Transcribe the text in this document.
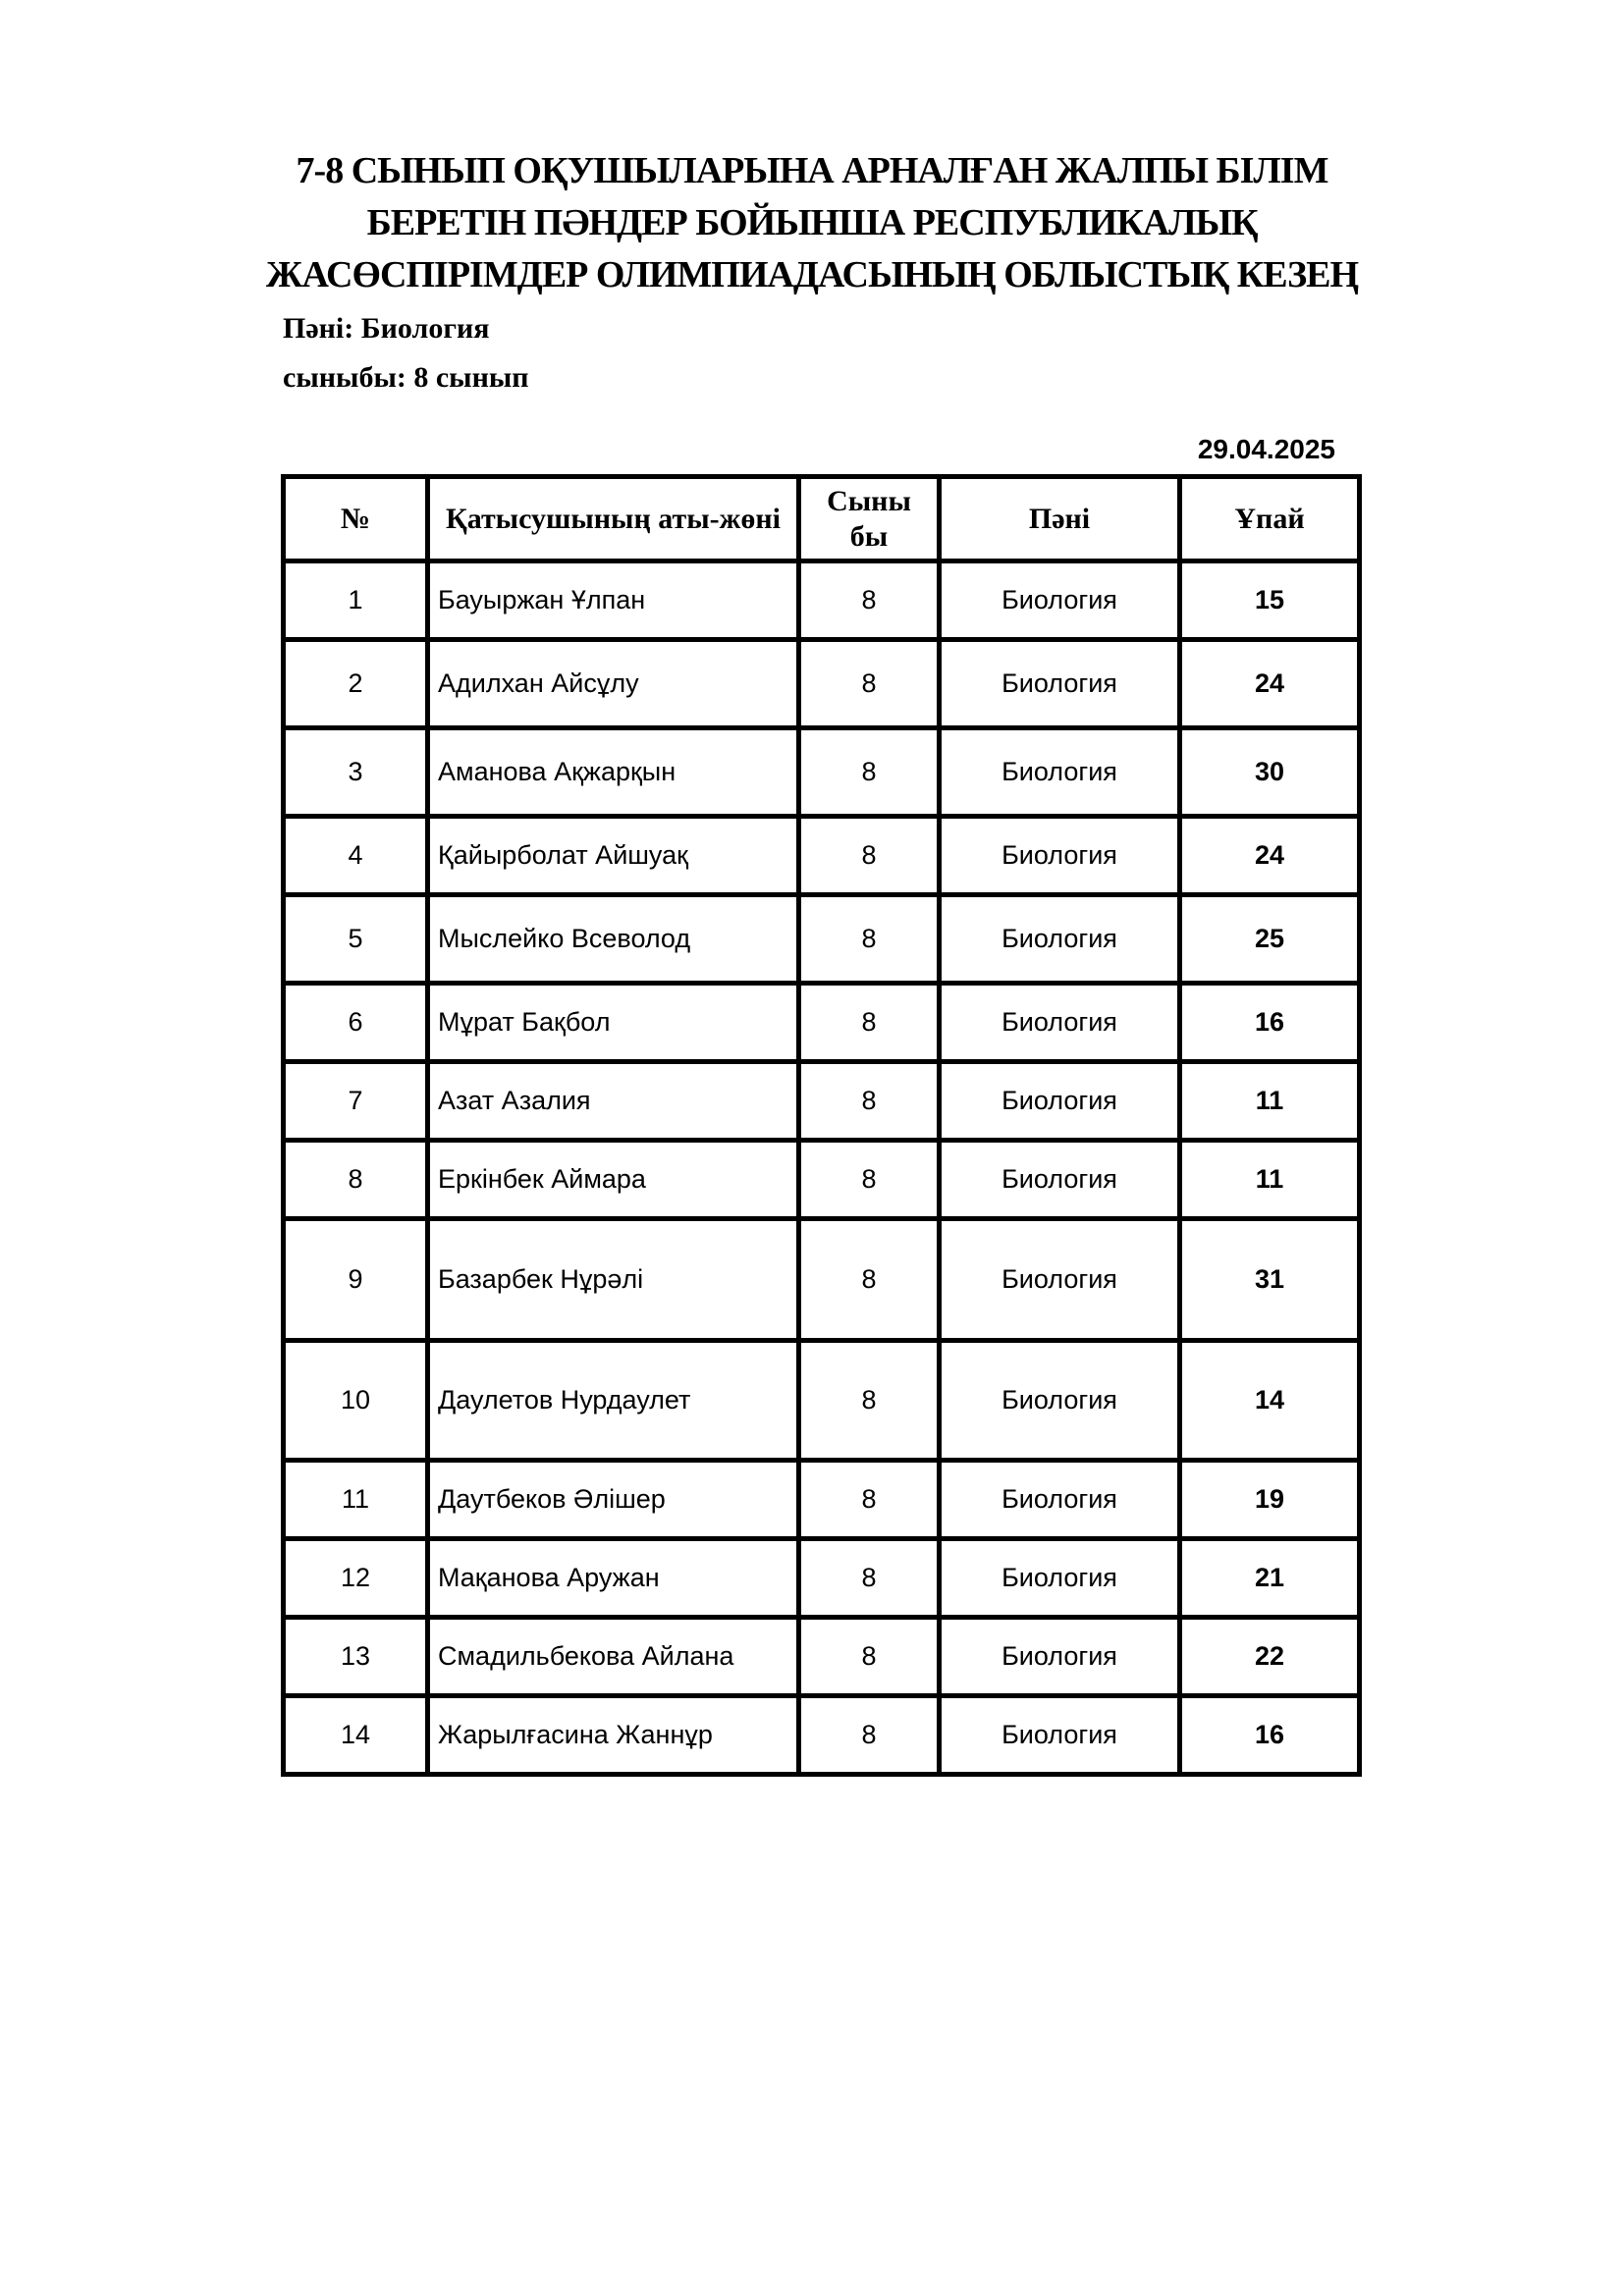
7-8 СЫНЫП ОҚУШЫЛАРЫНА АРНАЛҒАН ЖАЛПЫ БІЛІМ
БЕРЕТІН ПӘНДЕР БОЙЫНША РЕСПУБЛИКАЛЫҚ
ЖАСӨСПІРІМДЕР ОЛИМПИАДАСЫНЫҢ ОБЛЫСТЫҚ КЕЗЕҢ
Пәні: Биология
сыныбы: 8 сынып
29.04.2025
№	Қатысушының аты-жөні	Сыныбы	Пәні	Ұпай
1	Бауыржан Ұлпан	8	Биология	15
2	Адилхан Айсұлу	8	Биология	24
3	Аманова Ақжарқын	8	Биология	30
4	Қайырболат Айшуақ	8	Биология	24
5	Мыслейко Всеволод	8	Биология	25
6	Мұрат Бақбол	8	Биология	16
7	Азат Азалия	8	Биология	11
8	Еркінбек Аймара	8	Биология	11
9	Базарбек Нұрәлі	8	Биология	31
10	Даулетов Нурдаулет	8	Биология	14
11	Даутбеков Әлішер	8	Биология	19
12	Мақанова Аружан	8	Биология	21
13	Смадильбекова Айлана	8	Биология	22
14	Жарылғасина Жаннұр	8	Биология	16
